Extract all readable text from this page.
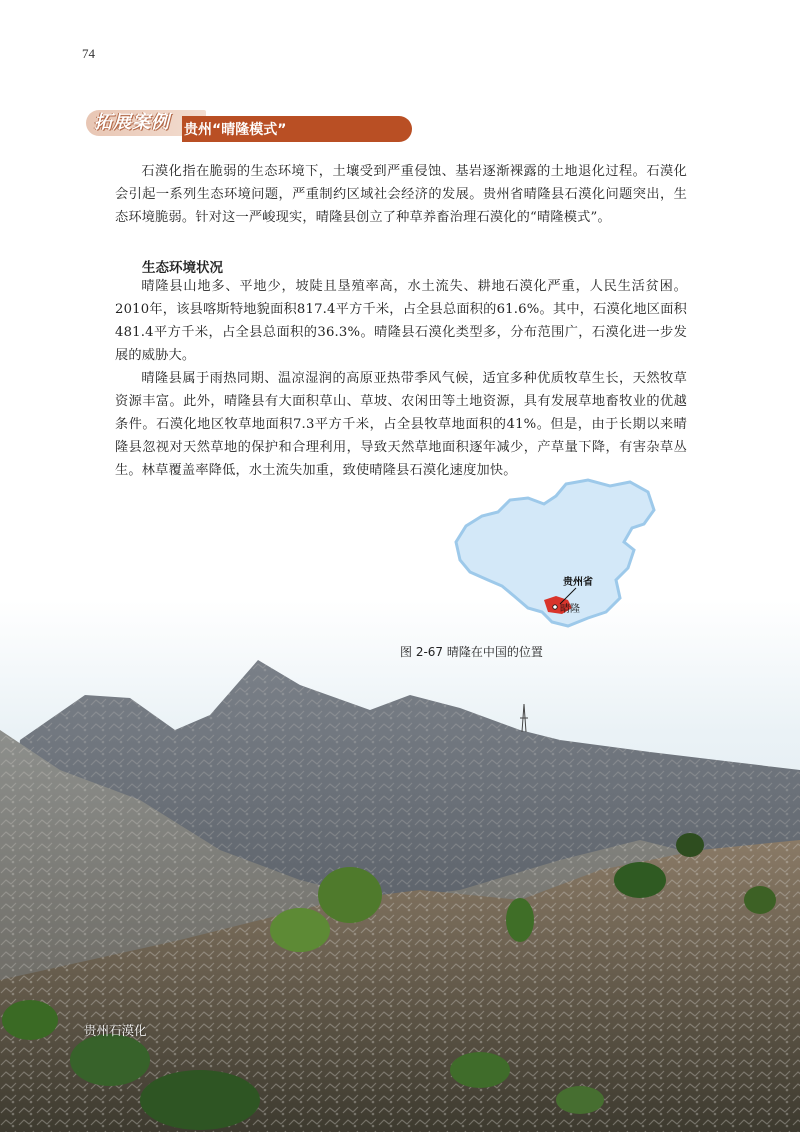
74
拓展案例 贵州“晴隆模式”

石漠化指在脆弱的生态环境下，土壤受到严重侵蚀、基岩逐渐裸露的土地退化过程。石漠化会引起一系列生态环境问题，严重制约区域社会经济的发展。贵州省晴隆县石漠化问题突出，生态环境脆弱。针对这一严峻现实，晴隆县创立了种草养畜治理石漠化的“晴隆模式”。

生态环境状况

晴隆县山地多、平地少，坡陡且垦殖率高，水土流失、耕地石漠化严重，人民生活贫困。2010年，该县喀斯特地貌面积817.4平方千米，占全县总面积的61.6%。其中，石漠化地区面积481.4平方千米，占全县总面积的36.3%。晴隆县石漠化类型多，分布范围广，石漠化进一步发展的威胁大。

晴隆县属于雨热同期、温凉湿润的高原亚热带季风气候，适宜多种优质牧草生长，天然牧草资源丰富。此外，晴隆县有大面积草山、草坡、农闲田等土地资源，具有发展草地畜牧业的优越条件。石漠化地区牧草地面积7.3平方千米，占全县牧草地面积的41%。但是，由于长期以来晴隆县忽视对天然草地的保护和合理利用，导致天然草地面积逐年减少，产草量下降，有害杂草丛生。林草覆盖率降低，水土流失加重，致使晴隆县石漠化速度加快。

贵州石漠化
贵州省
晴隆
图 2-67 晴隆在中国的位置
